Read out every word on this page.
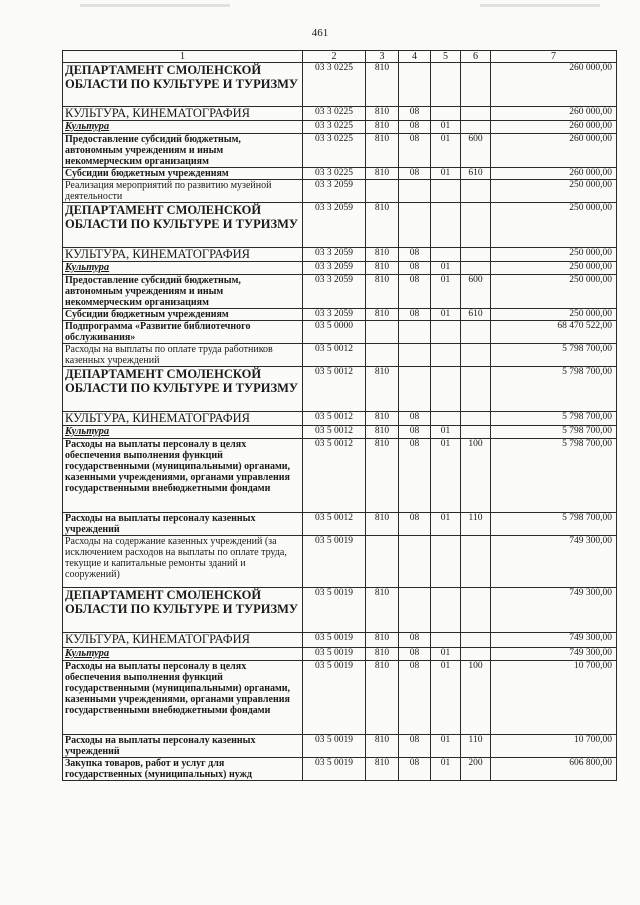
461
1	2	3	4	5	6	7
ДЕПАРТАМЕНТ СМОЛЕНСКОЙ ОБЛАСТИ ПО КУЛЬТУРЕ И ТУРИЗМУ	03 3 0225	810				260 000,00
КУЛЬТУРА, КИНЕМАТОГРАФИЯ	03 3 0225	810	08			260 000,00
Культура	03 3 0225	810	08	01		260 000,00
Предоставление субсидий бюджетным, автономным учреждениям и иным некоммерческим организациям	03 3 0225	810	08	01	600	260 000,00
Субсидии бюджетным учреждениям	03 3 0225	810	08	01	610	260 000,00
Реализация мероприятий по развитию музейной деятельности	03 3 2059					250 000,00
ДЕПАРТАМЕНТ СМОЛЕНСКОЙ ОБЛАСТИ ПО КУЛЬТУРЕ И ТУРИЗМУ	03 3 2059	810				250 000,00
КУЛЬТУРА, КИНЕМАТОГРАФИЯ	03 3 2059	810	08			250 000,00
Культура	03 3 2059	810	08	01		250 000,00
Предоставление субсидий бюджетным, автономным учреждениям и иным некоммерческим организациям	03 3 2059	810	08	01	600	250 000,00
Субсидии бюджетным учреждениям	03 3 2059	810	08	01	610	250 000,00
Подпрограмма «Развитие библиотечного обслуживания»	03 5 0000					68 470 522,00
Расходы на выплаты по оплате труда работников казенных учреждений	03 5 0012					5 798 700,00
ДЕПАРТАМЕНТ СМОЛЕНСКОЙ ОБЛАСТИ ПО КУЛЬТУРЕ И ТУРИЗМУ	03 5 0012	810				5 798 700,00
КУЛЬТУРА, КИНЕМАТОГРАФИЯ	03 5 0012	810	08			5 798 700,00
Культура	03 5 0012	810	08	01		5 798 700,00
Расходы на выплаты персоналу в целях обеспечения выполнения функций государственными (муниципальными) органами, казенными учреждениями, органами управления государственными внебюджетными фондами	03 5 0012	810	08	01	100	5 798 700,00
Расходы на выплаты персоналу казенных учреждений	03 5 0012	810	08	01	110	5 798 700,00
Расходы на содержание казенных учреждений (за исключением расходов на выплаты по оплате труда, текущие и капитальные ремонты зданий и сооружений)	03 5 0019					749 300,00
ДЕПАРТАМЕНТ СМОЛЕНСКОЙ ОБЛАСТИ ПО КУЛЬТУРЕ И ТУРИЗМУ	03 5 0019	810				749 300,00
КУЛЬТУРА, КИНЕМАТОГРАФИЯ	03 5 0019	810	08			749 300,00
Культура	03 5 0019	810	08	01		749 300,00
Расходы на выплаты персоналу в целях обеспечения выполнения функций государственными (муниципальными) органами, казенными учреждениями, органами управления государственными внебюджетными фондами	03 5 0019	810	08	01	100	10 700,00
Расходы на выплаты персоналу казенных учреждений	03 5 0019	810	08	01	110	10 700,00
Закупка товаров, работ и услуг для государственных (муниципальных) нужд	03 5 0019	810	08	01	200	606 800,00
